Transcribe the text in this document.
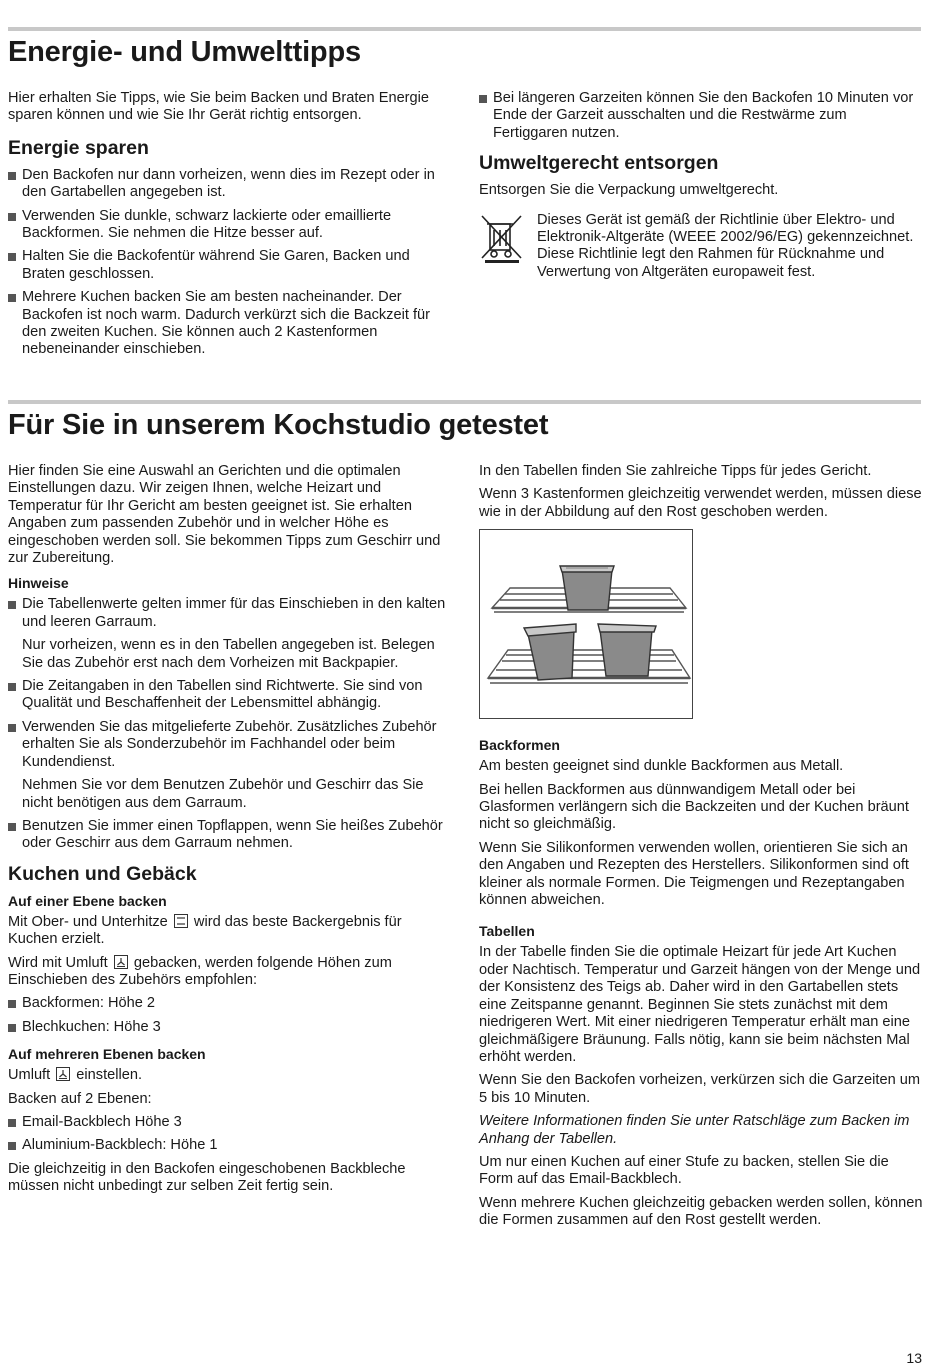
Energie- und Umwelttipps

Hier erhalten Sie Tipps, wie Sie beim Backen und Braten Energie sparen können und wie Sie Ihr Gerät richtig entsorgen.

Energie sparen
Den Backofen nur dann vorheizen, wenn dies im Rezept oder in den Gartabellen angegeben ist.
Verwenden Sie dunkle, schwarz lackierte oder emaillierte Backformen. Sie nehmen die Hitze besser auf.
Halten Sie die Backofentür während Sie Garen, Backen und Braten geschlossen.
Mehrere Kuchen backen Sie am besten nacheinander. Der Backofen ist noch warm. Dadurch verkürzt sich die Backzeit für den zweiten Kuchen. Sie können auch 2 Kastenformen nebeneinander einschieben.
Bei längeren Garzeiten können Sie den Backofen 10 Minuten vor Ende der Garzeit ausschalten und die Restwärme zum Fertiggaren nutzen.
Umweltgerecht entsorgen

Entsorgen Sie die Verpackung umweltgerecht.

Dieses Gerät ist gemäß der Richtlinie über Elektro- und Elektronik-Altgeräte (WEEE 2002/96/EG) gekennzeichnet. Diese Richtlinie legt den Rahmen für Rücknahme und Verwertung von Altgeräten europaweit fest.

Für Sie in unserem Kochstudio getestet

Hier finden Sie eine Auswahl an Gerichten und die optimalen Einstellungen dazu. Wir zeigen Ihnen, welche Heizart und Temperatur für Ihr Gericht am besten geeignet ist. Sie erhalten Angaben zum passenden Zubehör und in welcher Höhe es eingeschoben werden soll. Sie bekommen Tipps zum Geschirr und zur Zubereitung.

Hinweise

Die Tabellenwerte gelten immer für das Einschieben in den kalten und leeren Garraum.

Nur vorheizen, wenn es in den Tabellen angegeben ist. Belegen Sie das Zubehör erst nach dem Vorheizen mit Backpapier.

Die Zeitangaben in den Tabellen sind Richtwerte. Sie sind von Qualität und Beschaffenheit der Lebensmittel abhängig.

Verwenden Sie das mitgelieferte Zubehör. Zusätzliches Zubehör erhalten Sie als Sonderzubehör im Fachhandel oder beim Kundendienst.

Nehmen Sie vor dem Benutzen Zubehör und Geschirr das Sie nicht benötigen aus dem Garraum.

Benutzen Sie immer einen Topflappen, wenn Sie heißes Zubehör oder Geschirr aus dem Garraum nehmen.

Kuchen und Gebäck
Auf einer Ebene backen

Mit Ober- und Unterhitze wird das beste Backergebnis für Kuchen erzielt.

Wird mit Umluft gebacken, werden folgende Höhen zum Einschieben des Zubehörs empfohlen:

Backformen: Höhe 2
Blechkuchen: Höhe 3
Auf mehreren Ebenen backen

Umluft einstellen.

Backen auf 2 Ebenen:

Email-Backblech Höhe 3
Aluminium-Backblech: Höhe 1

Die gleichzeitig in den Backofen eingeschobenen Backbleche müssen nicht unbedingt zur selben Zeit fertig sein.

In den Tabellen finden Sie zahlreiche Tipps für jedes Gericht.

Wenn 3 Kastenformen gleichzeitig verwendet werden, müssen diese wie in der Abbildung auf den Rost geschoben werden.

Backformen

Am besten geeignet sind dunkle Backformen aus Metall.

Bei hellen Backformen aus dünnwandigem Metall oder bei Glasformen verlängern sich die Backzeiten und der Kuchen bräunt nicht so gleichmäßig.

Wenn Sie Silikonformen verwenden wollen, orientieren Sie sich an den Angaben und Rezepten des Herstellers. Silikonformen sind oft kleiner als normale Formen. Die Teigmengen und Rezeptangaben können abweichen.

Tabellen

In der Tabelle finden Sie die optimale Heizart für jede Art Kuchen oder Nachtisch. Temperatur und Garzeit hängen von der Menge und der Konsistenz des Teigs ab. Daher wird in den Gartabellen stets eine Zeitspanne genannt. Beginnen Sie stets zunächst mit dem niedrigeren Wert. Mit einer niedrigeren Temperatur erhält man eine gleichmäßigere Bräunung. Falls nötig, kann sie beim nächsten Mal erhöht werden.

Wenn Sie den Backofen vorheizen, verkürzen sich die Garzeiten um 5 bis 10 Minuten.

Weitere Informationen finden Sie unter Ratschläge zum Backen im Anhang der Tabellen.

Um nur einen Kuchen auf einer Stufe zu backen, stellen Sie die Form auf das Email-Backblech.

Wenn mehrere Kuchen gleichzeitig gebacken werden sollen, können die Formen zusammen auf den Rost gestellt werden.

13
